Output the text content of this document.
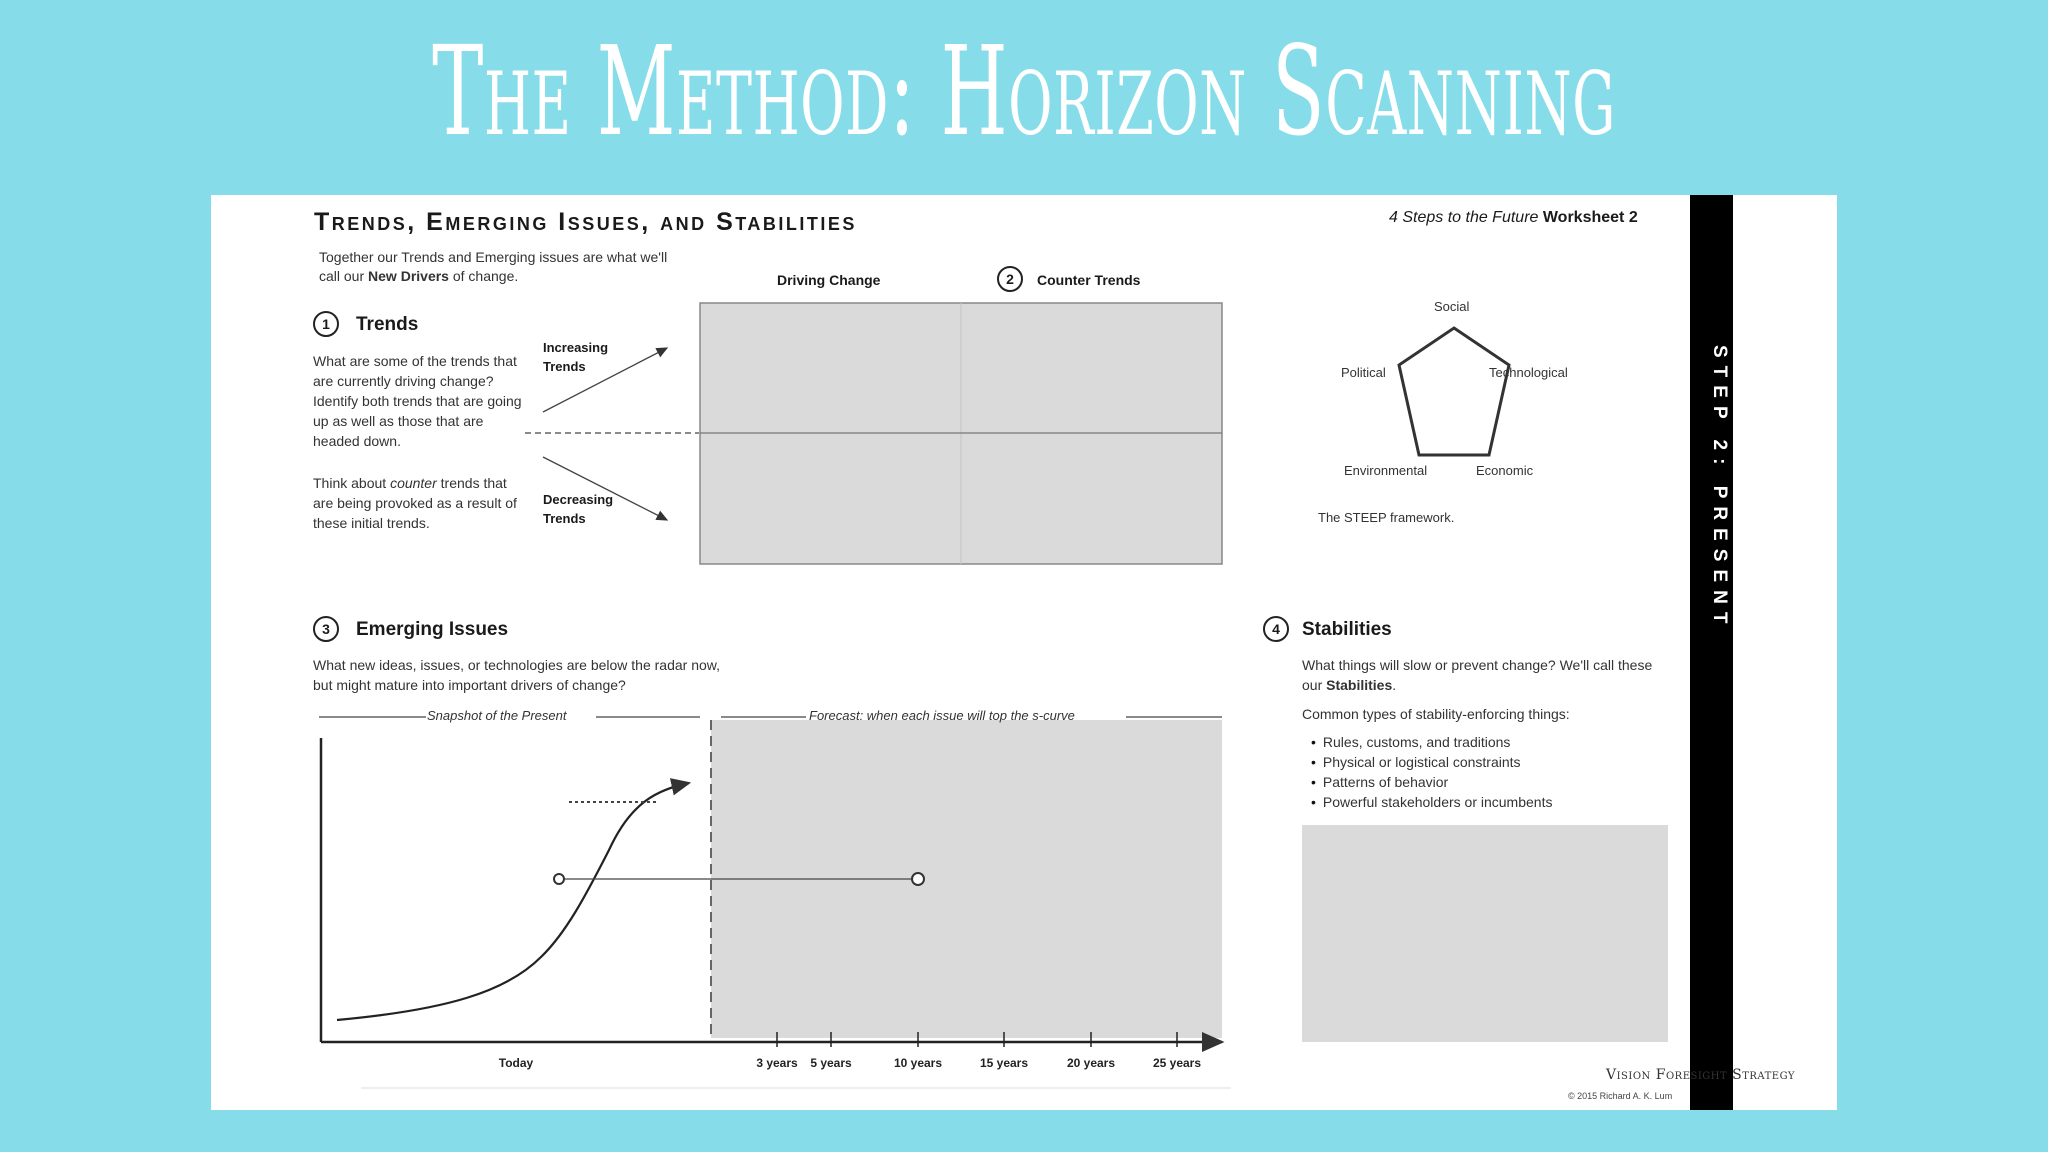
The Method: Horizon Scanning
Trends, Emerging Issues, and Stabilities	4 Steps to the Future Worksheet 2
Together our Trends and Emerging issues are what we'll call our New Drivers of change.	Driving Change	2	Counter Trends
1	Trends
What are some of the trends that are currently driving change? Identify both trends that are going up as well as those that are headed down.
Think about counter trends that are being provoked as a result of these initial trends.
Increasing Trends
Decreasing Trends
Social
Political	Technological
Environmental	Economic
The STEEP framework.
3	Emerging Issues
What new ideas, issues, or technologies are below the radar now, but might mature into important drivers of change?
Snapshot of the Present	Forecast: when each issue will top the s-curve
Today	3 years 5 years	10 years	15 years	20 years	25 years
4	Stabilities
What things will slow or prevent change? We'll call these our Stabilities.
Common types of stability-enforcing things:
• Rules, customs, and traditions
• Physical or logistical constraints
• Patterns of behavior
• Powerful stakeholders or incumbents
STEP 2: PRESENT
Vision Foresight Strategy
© 2015 Richard A. K. Lum
